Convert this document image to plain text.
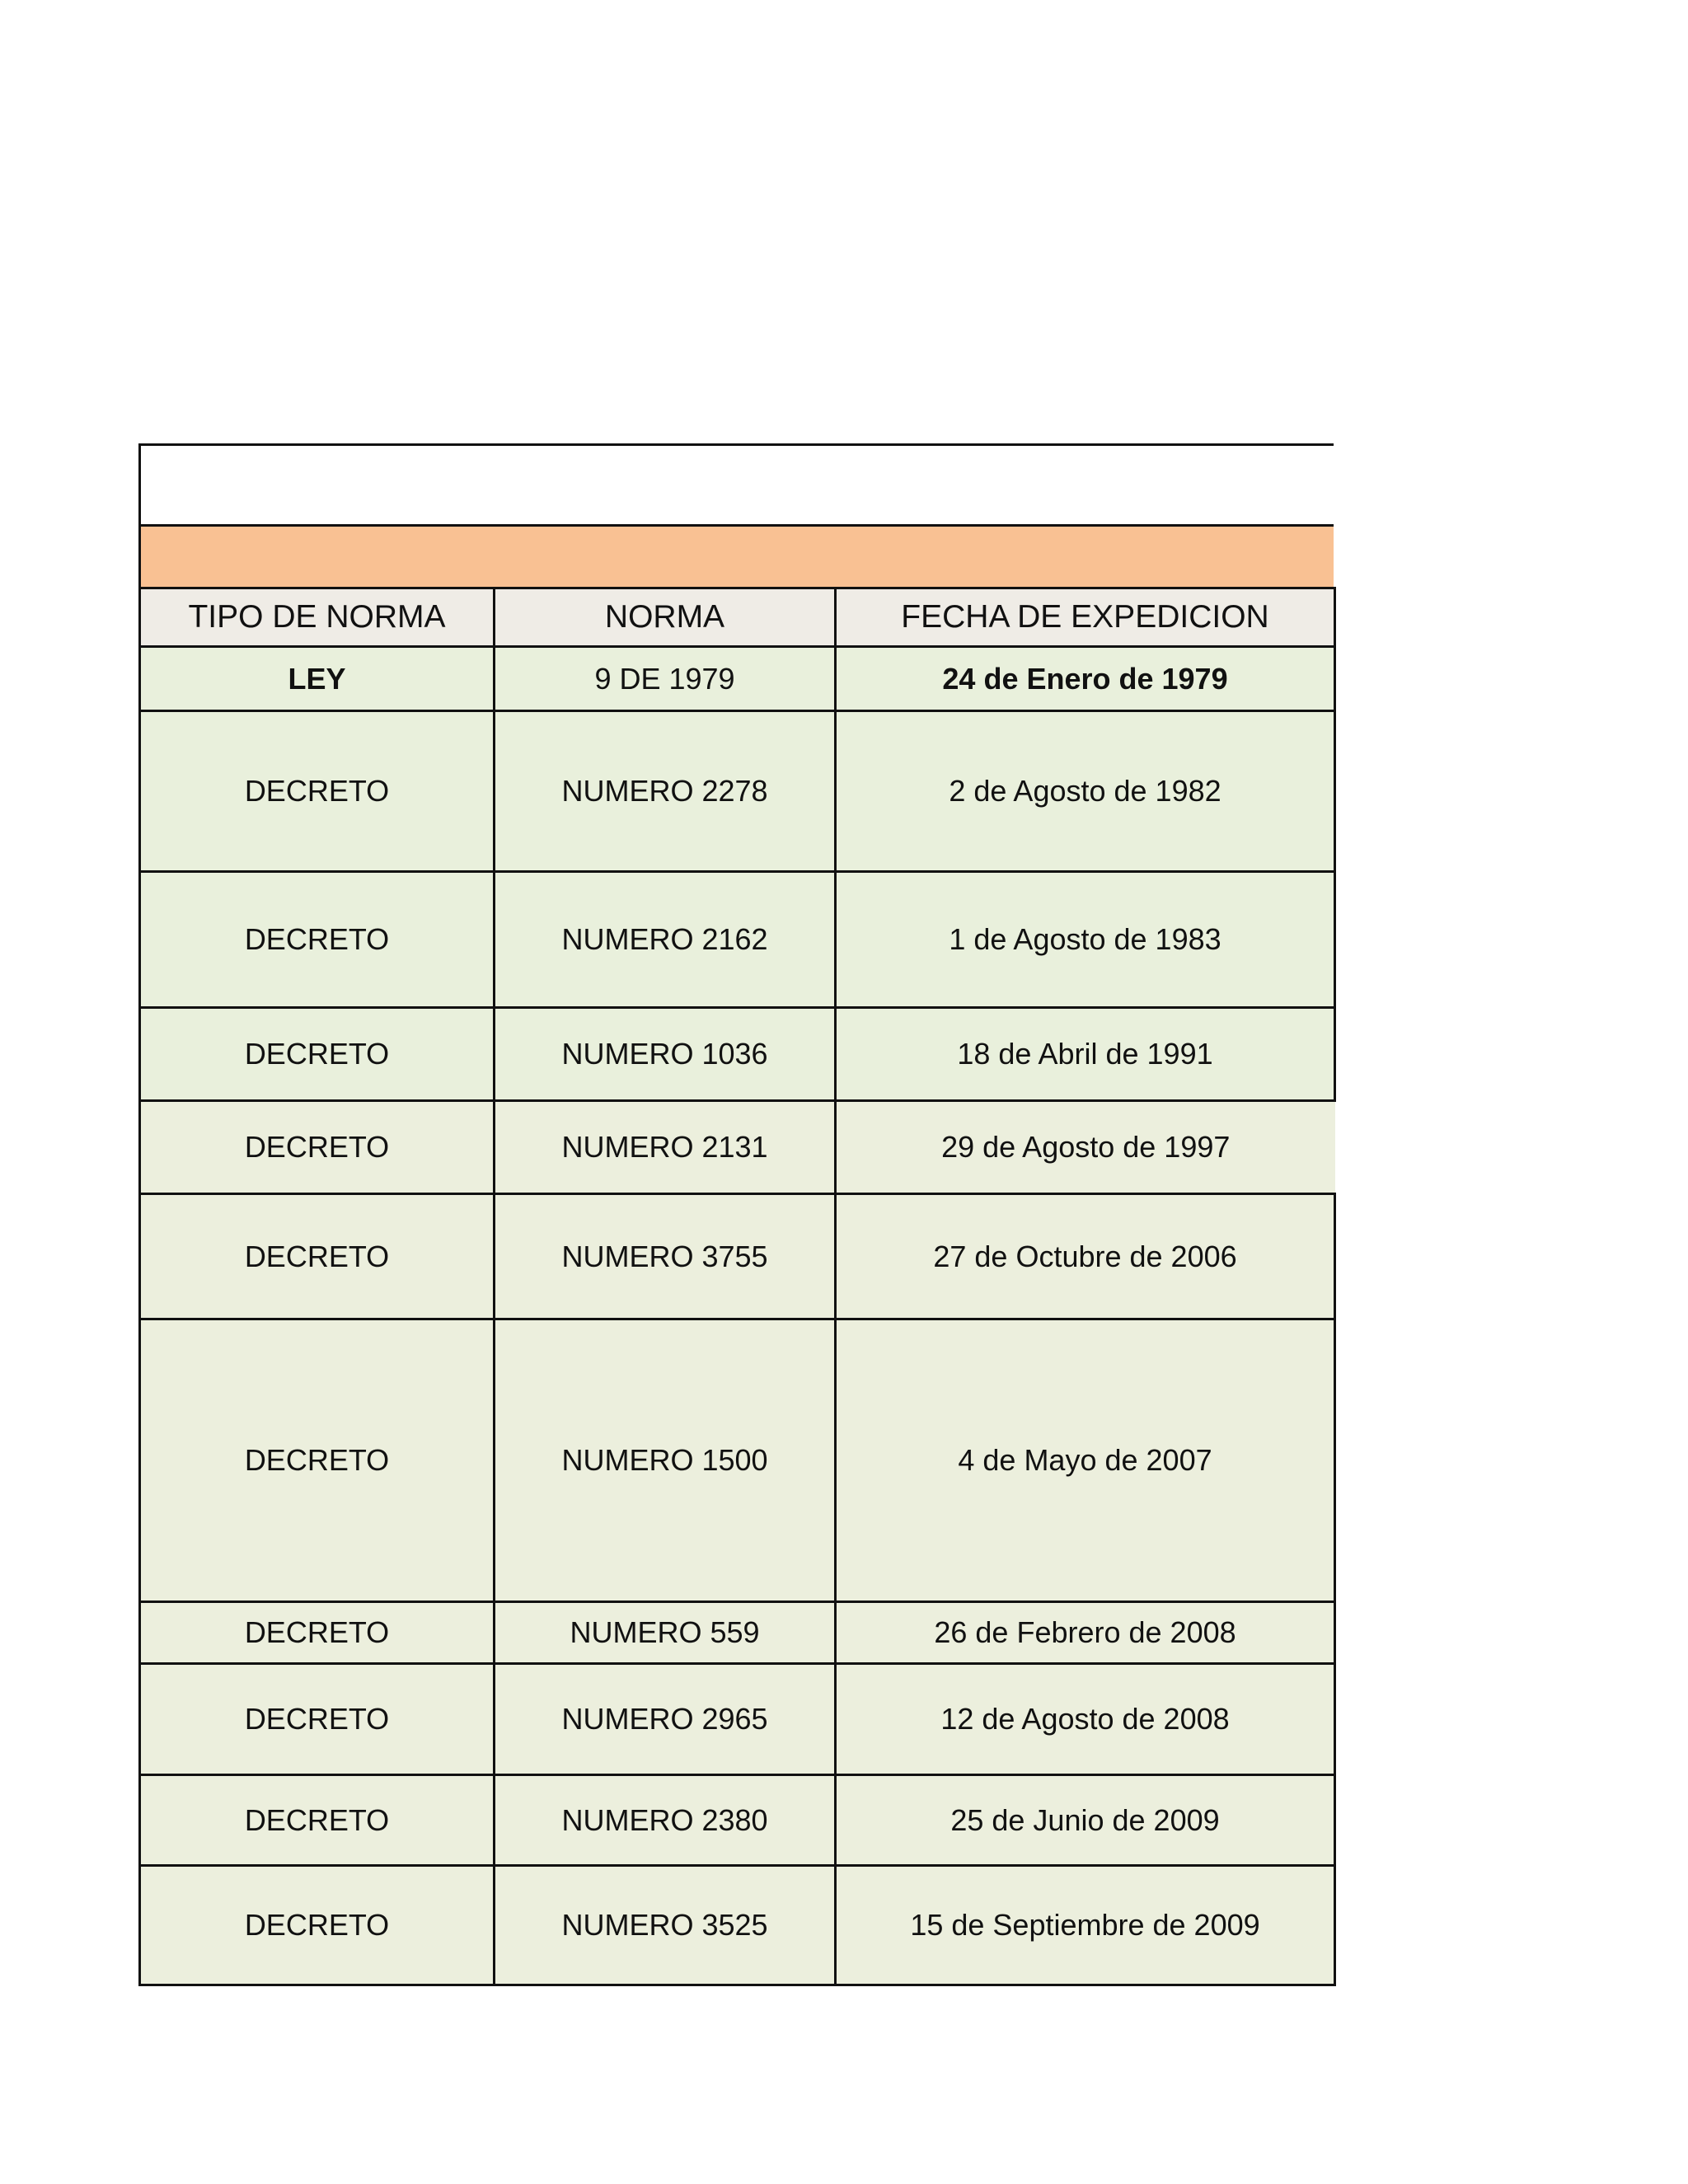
TIPO DE NORMA	NORMA	FECHA DE EXPEDICION
LEY	9 DE 1979	24 de Enero de 1979
DECRETO	NUMERO 2278	2 de Agosto de 1982
DECRETO	NUMERO 2162	1 de Agosto de 1983
DECRETO	NUMERO 1036	18 de Abril de 1991
DECRETO	NUMERO 2131	29 de Agosto de 1997
DECRETO	NUMERO 3755	27 de Octubre de 2006
DECRETO	NUMERO 1500	4 de Mayo de 2007
DECRETO	NUMERO 559	26 de Febrero de 2008
DECRETO	NUMERO 2965	12 de Agosto de 2008
DECRETO	NUMERO 2380	25 de Junio de 2009
DECRETO	NUMERO 3525	15 de Septiembre de 2009
